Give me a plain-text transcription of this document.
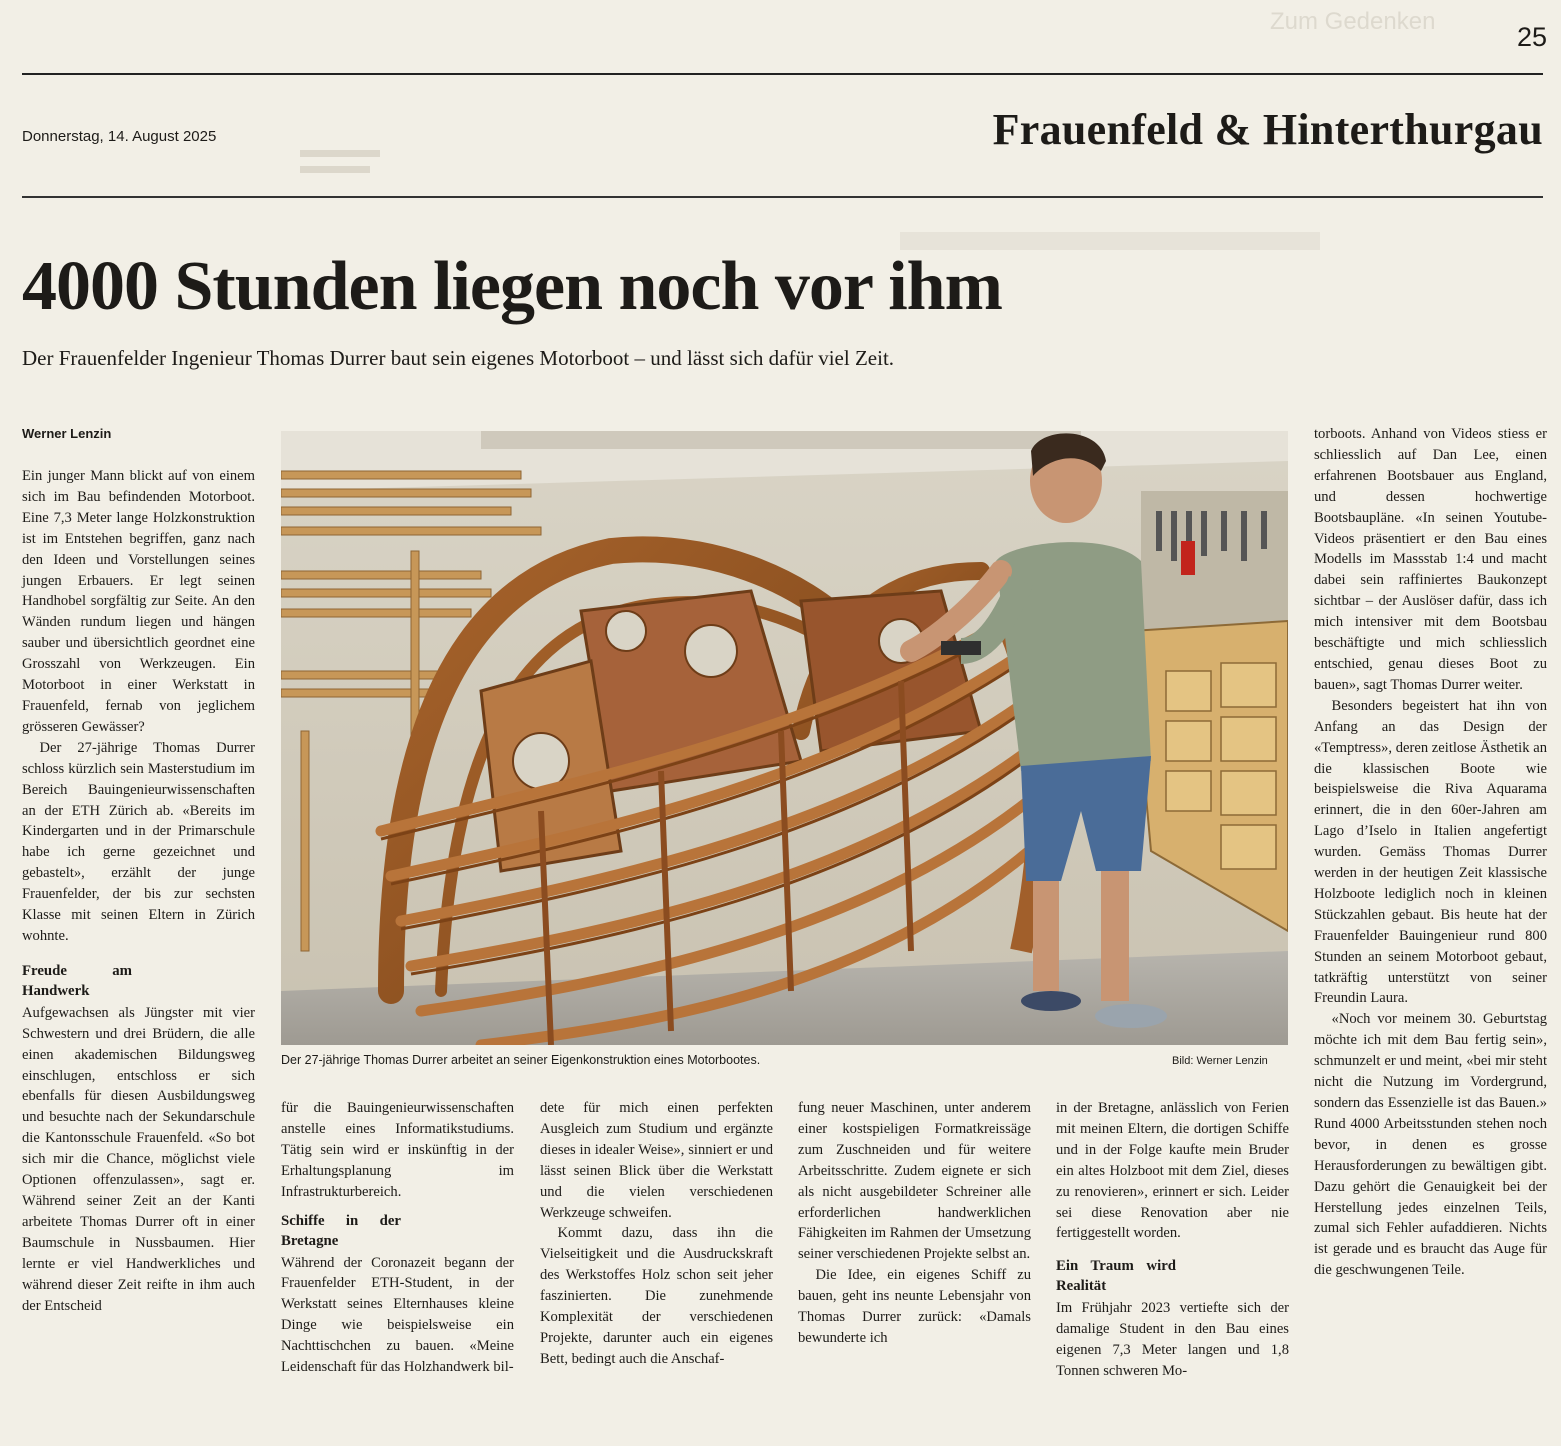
Zum Gedenken
25
Donnerstag, 14. August 2025	Frauenfeld & Hinterthurgau
4000 Stunden liegen noch vor ihm
Der Frauenfelder Ingenieur Thomas Durrer baut sein eigenes Motorboot – und lässt sich dafür viel Zeit.
Werner Lenzin
Der 27-jährige Thomas Durrer arbeitet an seiner Eigenkonstruktion eines Motorbootes.	Bild: Werner Lenzin

Ein junger Mann blickt auf von einem sich im Bau befindenden Motorboot. Eine 7,3 Meter lange Holzkonstruktion ist im Entstehen begriffen, ganz nach den Ideen und Vorstellungen seines jungen Erbauers. Er legt seinen Handhobel sorgfältig zur Seite. An den Wänden rundum liegen und hängen sauber und übersichtlich geordnet eine Grosszahl von Werkzeugen. Ein Motorboot in einer Werkstatt in Frauenfeld, fernab von jeglichem grösseren Gewässer?

Der 27-jährige Thomas Durrer schloss kürzlich sein Masterstudium im Bereich Bauingenieurwissenschaften an der ETH Zürich ab. «Bereits im Kindergarten und in der Primarschule habe ich gerne gezeichnet und gebastelt», erzählt der junge Frauenfelder, der bis zur sechsten Klasse mit seinen Eltern in Zürich wohnte.

Freude am Handwerk

Aufgewachsen als Jüngster mit vier Schwestern und drei Brüdern, die alle einen akademischen Bildungsweg einschlugen, entschloss er sich ebenfalls für diesen Ausbildungsweg und besuchte nach der Sekundarschule die Kantonsschule Frauenfeld. «So bot sich mir die Chance, möglichst viele Optionen offenzulassen», sagt er. Während seiner Zeit an der Kanti arbeitete Thomas Durrer oft in einer Baumschule in Nussbaumen. Hier lernte er viel Handwerkliches und während dieser Zeit reifte in ihm auch der Entscheid

für die Bauingenieurwissenschaften anstelle eines Informatikstudiums. Tätig sein wird er inskünftig in der Erhaltungsplanung im Infrastrukturbereich.

Schiffe in der Bretagne

Während der Coronazeit begann der Frauenfelder ETH-Student, in der Werkstatt seines Elternhauses kleine Dinge wie beispielsweise ein Nachttischchen zu bauen. «Meine Leidenschaft für das Holzhandwerk bil-

dete für mich einen perfekten Ausgleich zum Studium und ergänzte dieses in idealer Weise», sinniert er und lässt seinen Blick über die Werkstatt und die vielen verschiedenen Werkzeuge schweifen.

Kommt dazu, dass ihn die Vielseitigkeit und die Ausdruckskraft des Werkstoffes Holz schon seit jeher faszinierten. Die zunehmende Komplexität der verschiedenen Projekte, darunter auch ein eigenes Bett, bedingt auch die Anschaf-

fung neuer Maschinen, unter anderem einer kostspieligen Formatkreissäge zum Zuschneiden und für weitere Arbeitsschritte. Zudem eignete er sich als nicht ausgebildeter Schreiner alle erforderlichen handwerklichen Fähigkeiten im Rahmen der Umsetzung seiner verschiedenen Projekte selbst an.

Die Idee, ein eigenes Schiff zu bauen, geht ins neunte Lebensjahr von Thomas Durrer zurück: «Damals bewunderte ich

in der Bretagne, anlässlich von Ferien mit meinen Eltern, die dortigen Schiffe und in der Folge kaufte mein Bruder ein altes Holzboot mit dem Ziel, dieses zu renovieren», erinnert er sich. Leider sei diese Renovation aber nie fertiggestellt worden.

Ein Traum wird Realität

Im Frühjahr 2023 vertiefte sich der damalige Student in den Bau eines eigenen 7,3 Meter langen und 1,8 Tonnen schweren Mo-

torboots. Anhand von Videos stiess er schliesslich auf Dan Lee, einen erfahrenen Bootsbauer aus England, und dessen hochwertige Bootsbaupläne. «In seinen Youtube-Videos präsentiert er den Bau eines Modells im Massstab 1:4 und macht dabei sein raffiniertes Baukonzept sichtbar – der Auslöser dafür, dass ich mich intensiver mit dem Bootsbau beschäftigte und mich schliesslich entschied, genau dieses Boot zu bauen», sagt Thomas Durrer weiter.

Besonders begeistert hat ihn von Anfang an das Design der «Temptress», deren zeitlose Ästhetik an die klassischen Boote wie beispielsweise die Riva Aquarama erinnert, die in den 60er-Jahren am Lago d’Iselo in Italien angefertigt wurden. Gemäss Thomas Durrer werden in der heutigen Zeit klassische Holzboote lediglich noch in kleinen Stückzahlen gebaut. Bis heute hat der Frauenfelder Bauingenieur rund 800 Stunden an seinem Motorboot gebaut, tatkräftig unterstützt von seiner Freundin Laura.

«Noch vor meinem 30. Geburtstag möchte ich mit dem Bau fertig sein», schmunzelt er und meint, «bei mir steht nicht die Nutzung im Vordergrund, sondern das Essenzielle ist das Bauen.» Rund 4000 Arbeitsstunden stehen noch bevor, in denen es grosse Herausforderungen zu bewältigen gibt. Dazu gehört die Genauigkeit bei der Herstellung jedes einzelnen Teils, zumal sich Fehler aufaddieren. Nichts ist gerade und es braucht das Auge für die geschwungenen Teile.
